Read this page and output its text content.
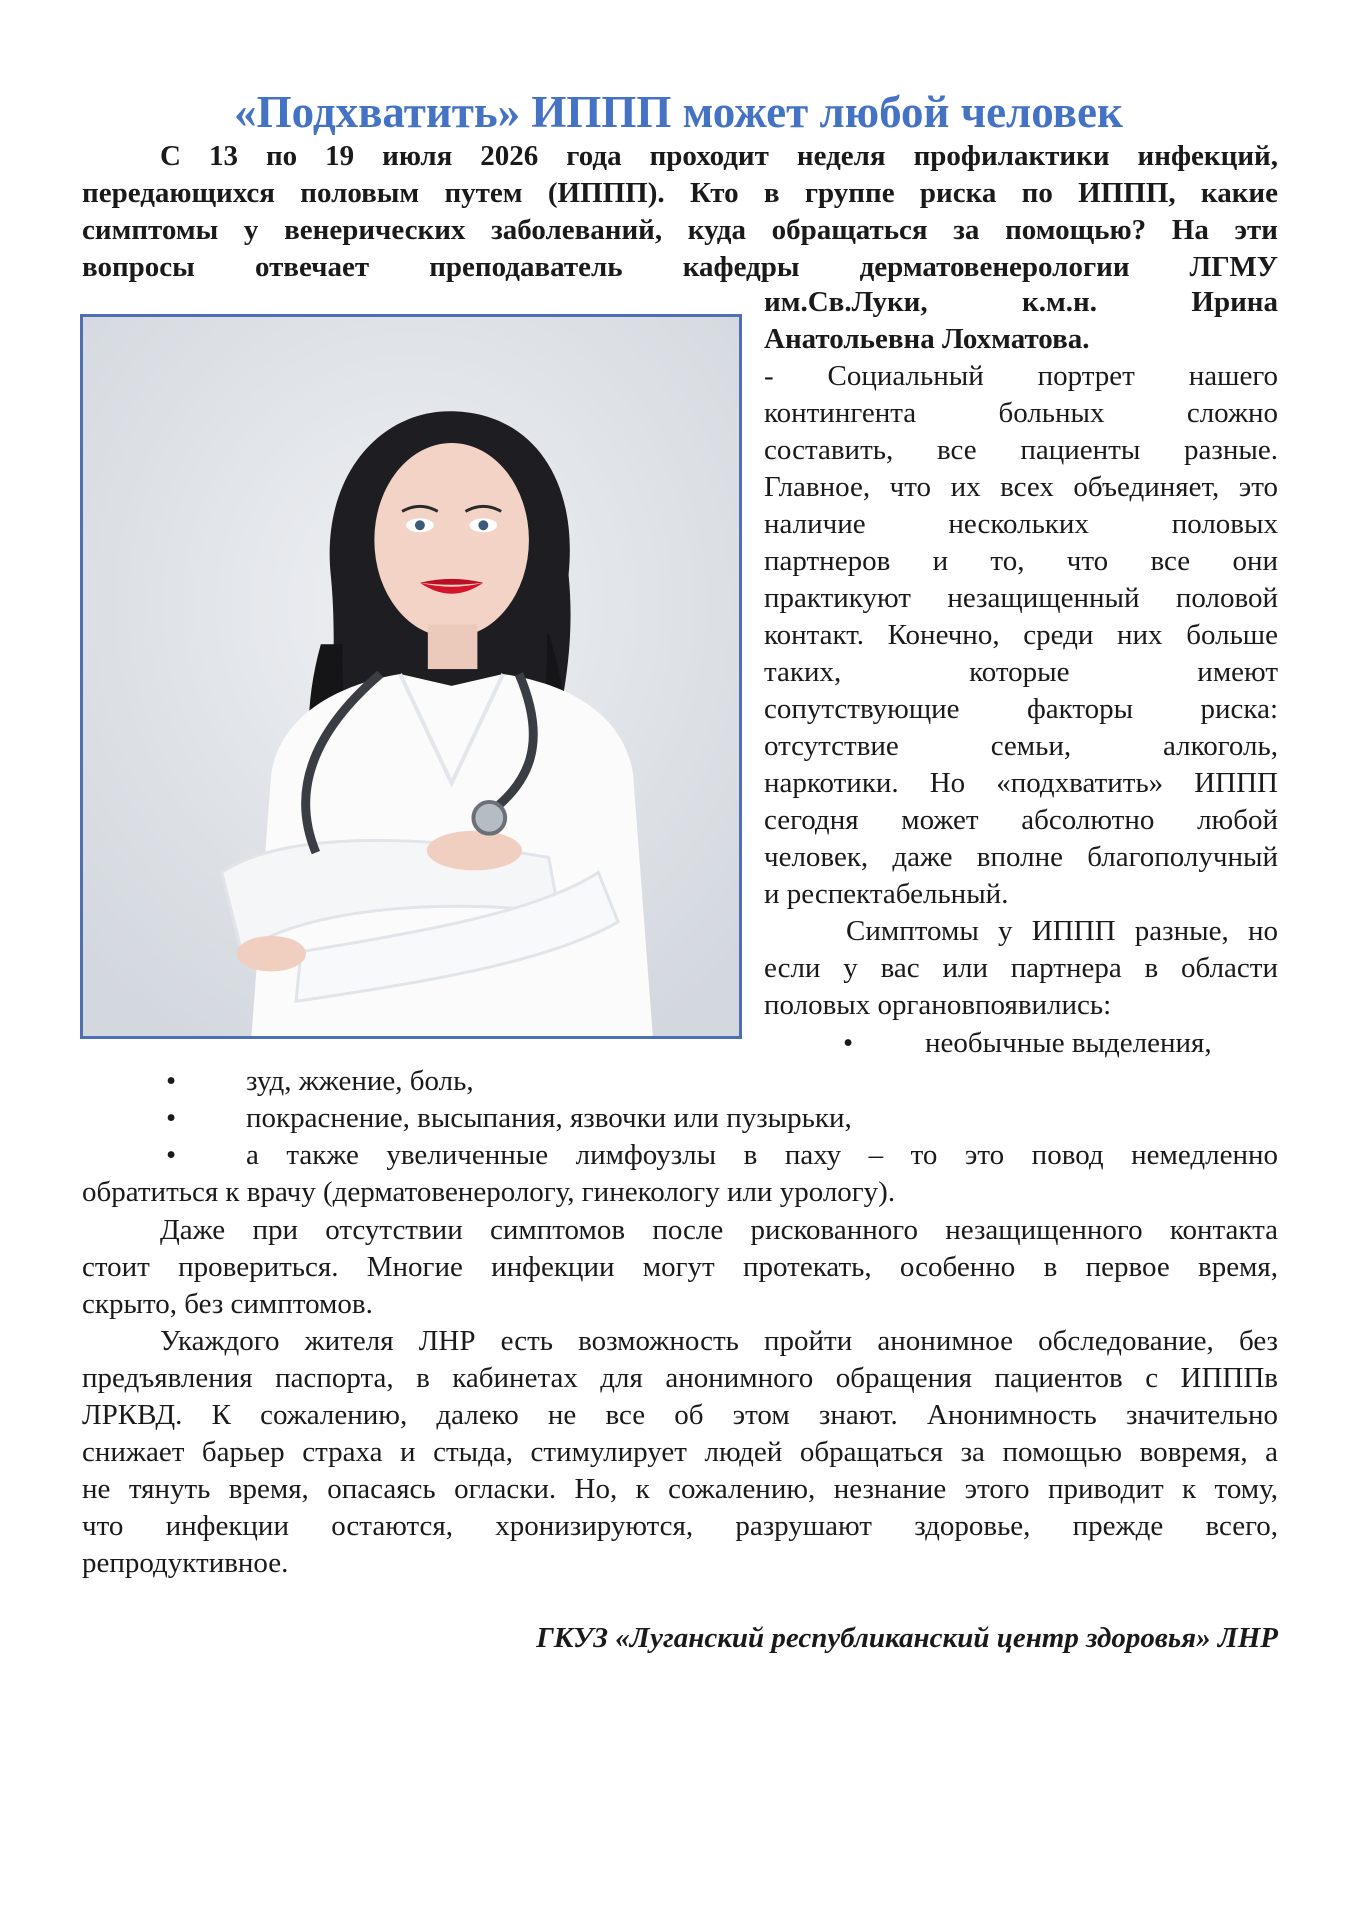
«Подхватить» ИППП может любой человек
С 13 по 19 июля 2026 года проходит неделя профилактики инфекций,
передающихся половым путем (ИППП). Кто в группе риска по ИППП, какие
симптомы у венерических заболеваний, куда обращаться за помощью? На эти
вопросы отвечает преподаватель кафедры дерматовенерологии ЛГМУ
им.Св.Луки, к.м.н. Ирина
Анатольевна Лохматова.
- Социальный портрет нашего
контингента больных сложно
составить, все пациенты разные.
Главное, что их всех объединяет, это
наличие нескольких половых
партнеров и то, что все они
практикуют незащищенный половой
контакт. Конечно, среди них больше
таких, которые имеют
сопутствующие факторы риска:
отсутствие семьи, алкоголь,
наркотики. Но «подхватить» ИППП
сегодня может абсолютно любой
человек, даже вполне благополучный
и респектабельный.
Симптомы у ИППП разные, но
если у вас или партнера в области
половых органовпоявились:
• необычные выделения,
• зуд, жжение, боль,
• покраснение, высыпания, язвочки или пузырьки,
• а также увеличенные лимфоузлы в паху – то это повод немедленно
обратиться к врачу (дерматовенерологу, гинекологу или урологу).
Даже при отсутствии симптомов после рискованного незащищенного контакта
стоит провериться. Многие инфекции могут протекать, особенно в первое время,
скрыто, без симптомов.
Укаждого жителя ЛНР есть возможность пройти анонимное обследование, без
предъявления паспорта, в кабинетах для анонимного обращения пациентов с ИПППв
ЛРКВД. К сожалению, далеко не все об этом знают. Анонимность значительно
снижает барьер страха и стыда, стимулирует людей обращаться за помощью вовремя, а
не тянуть время, опасаясь огласки. Но, к сожалению, незнание этого приводит к тому,
что инфекции остаются, хронизируются, разрушают здоровье, прежде всего,
репродуктивное.

ГКУЗ «Луганский республиканский центр здоровья» ЛНР
